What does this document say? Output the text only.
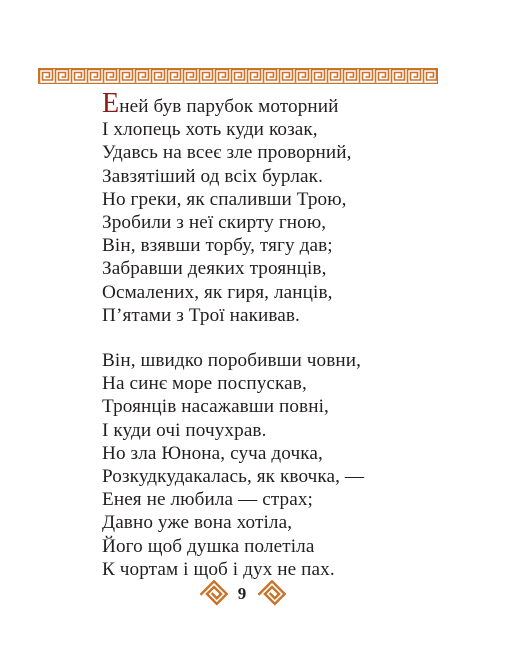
Еней був парубок моторний
І хлопець хоть куди козак,
Удавсь на всеє зле проворний,
Завзятіший од всіх бурлак.
Но греки, як спаливши Трою,
Зробили з неї скирту гною,
Він, взявши торбу, тягу дав;
Забравши деяких троянців,
Осмалених, як гиря, ланців,
П’ятами з Трої накивав.
Він, швидко поробивши човни,
На синє море поспускав,
Троянців насажавши повні,
І куди очі почухрав.
Но зла Юнона, суча дочка,
Розкудкудакалась, як квочка, —
Енея не любила — страх;
Давно уже вона хотіла,
Його щоб душка полетіла
К чортам і щоб і дух не пах.
9
